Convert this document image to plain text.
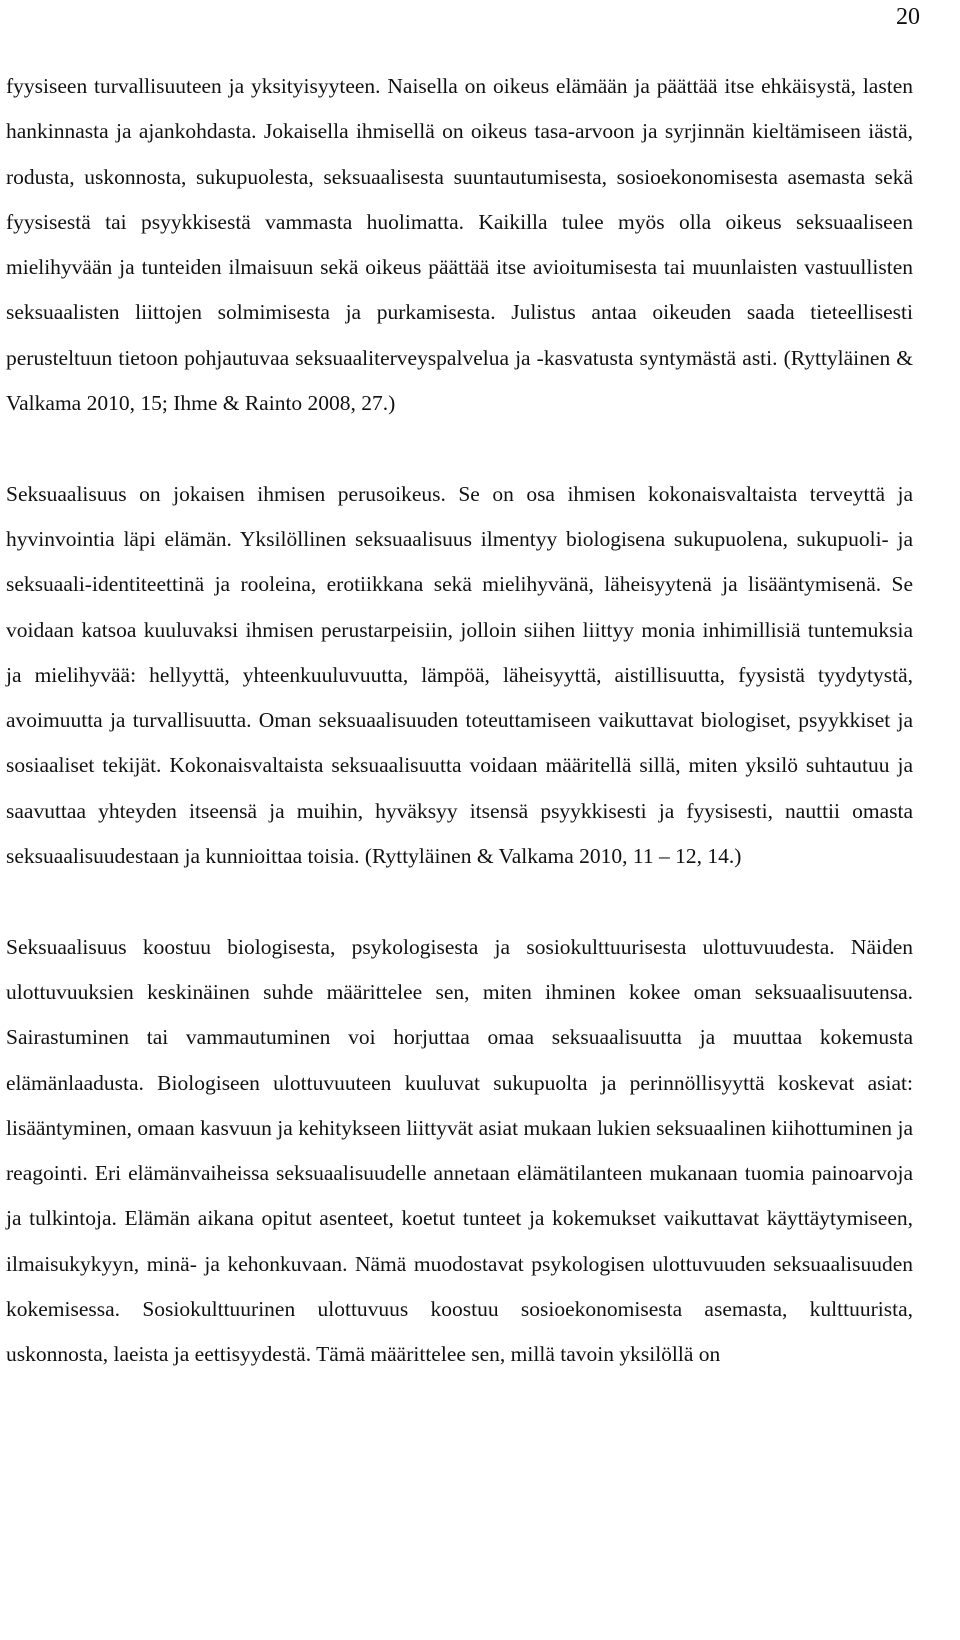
20

fyysiseen turvallisuuteen ja yksityisyyteen. Naisella on oikeus elämään ja päättää itse ehkäisystä, lasten hankinnasta ja ajankohdasta. Jokaisella ihmisellä on oikeus tasa-arvoon ja syrjinnän kieltämiseen iästä, rodusta, uskonnosta, sukupuolesta, seksuaalisesta suuntautumisesta, sosioekonomisesta asemasta sekä fyysisestä tai psyykkisestä vammasta huolimatta. Kaikilla tulee myös olla oikeus seksuaaliseen mielihyvään ja tunteiden ilmaisuun sekä oikeus päättää itse avioitumisesta tai muunlaisten vastuullisten seksuaalisten liittojen solmimisesta ja purkamisesta. Julistus antaa oikeuden saada tieteellisesti perusteltuun tietoon pohjautuvaa seksuaaliterveyspalvelua ja -kasvatusta syntymästä asti. (Ryttyläinen & Valkama 2010, 15; Ihme & Rainto 2008, 27.)

Seksuaalisuus on jokaisen ihmisen perusoikeus. Se on osa ihmisen kokonaisvaltaista terveyttä ja hyvinvointia läpi elämän. Yksilöllinen seksuaalisuus ilmentyy biologisena sukupuolena, sukupuoli- ja seksuaali-identiteettinä ja rooleina, erotiikkana sekä mielihyvänä, läheisyytenä ja lisääntymisenä. Se voidaan katsoa kuuluvaksi ihmisen perustarpeisiin, jolloin siihen liittyy monia inhimillisiä tuntemuksia ja mielihyvää: hellyyttä, yhteenkuuluvuutta, lämpöä, läheisyyttä, aistillisuutta, fyysistä tyydytystä, avoimuutta ja turvallisuutta. Oman seksuaalisuuden toteuttamiseen vaikuttavat biologiset, psyykkiset ja sosiaaliset tekijät. Kokonaisvaltaista seksuaalisuutta voidaan määritellä sillä, miten yksilö suhtautuu ja saavuttaa yhteyden itseensä ja muihin, hyväksyy itsensä psyykkisesti ja fyysisesti, nauttii omasta seksuaalisuudestaan ja kunnioittaa toisia. (Ryttyläinen & Valkama 2010, 11 – 12, 14.)

Seksuaalisuus koostuu biologisesta, psykologisesta ja sosiokulttuurisesta ulottuvuudesta. Näiden ulottuvuuksien keskinäinen suhde määrittelee sen, miten ihminen kokee oman seksuaalisuutensa. Sairastuminen tai vammautuminen voi horjuttaa omaa seksuaalisuutta ja muuttaa kokemusta elämänlaadusta. Biologiseen ulottuvuuteen kuuluvat sukupuolta ja perinnöllisyyttä koskevat asiat: lisääntyminen, omaan kasvuun ja kehitykseen liittyvät asiat mukaan lukien seksuaalinen kiihottuminen ja reagointi. Eri elämänvaiheissa seksuaalisuudelle annetaan elämätilanteen mukanaan tuomia painoarvoja ja tulkintoja. Elämän aikana opitut asenteet, koetut tunteet ja kokemukset vaikuttavat käyttäytymiseen, ilmaisukykyyn, minä- ja kehonkuvaan. Nämä muodostavat psykologisen ulottuvuuden seksuaalisuuden kokemisessa. Sosiokulttuurinen ulottuvuus koostuu sosioekonomisesta asemasta, kulttuurista, uskonnosta, laeista ja eettisyydestä. Tämä määrittelee sen, millä tavoin yksilöllä on
